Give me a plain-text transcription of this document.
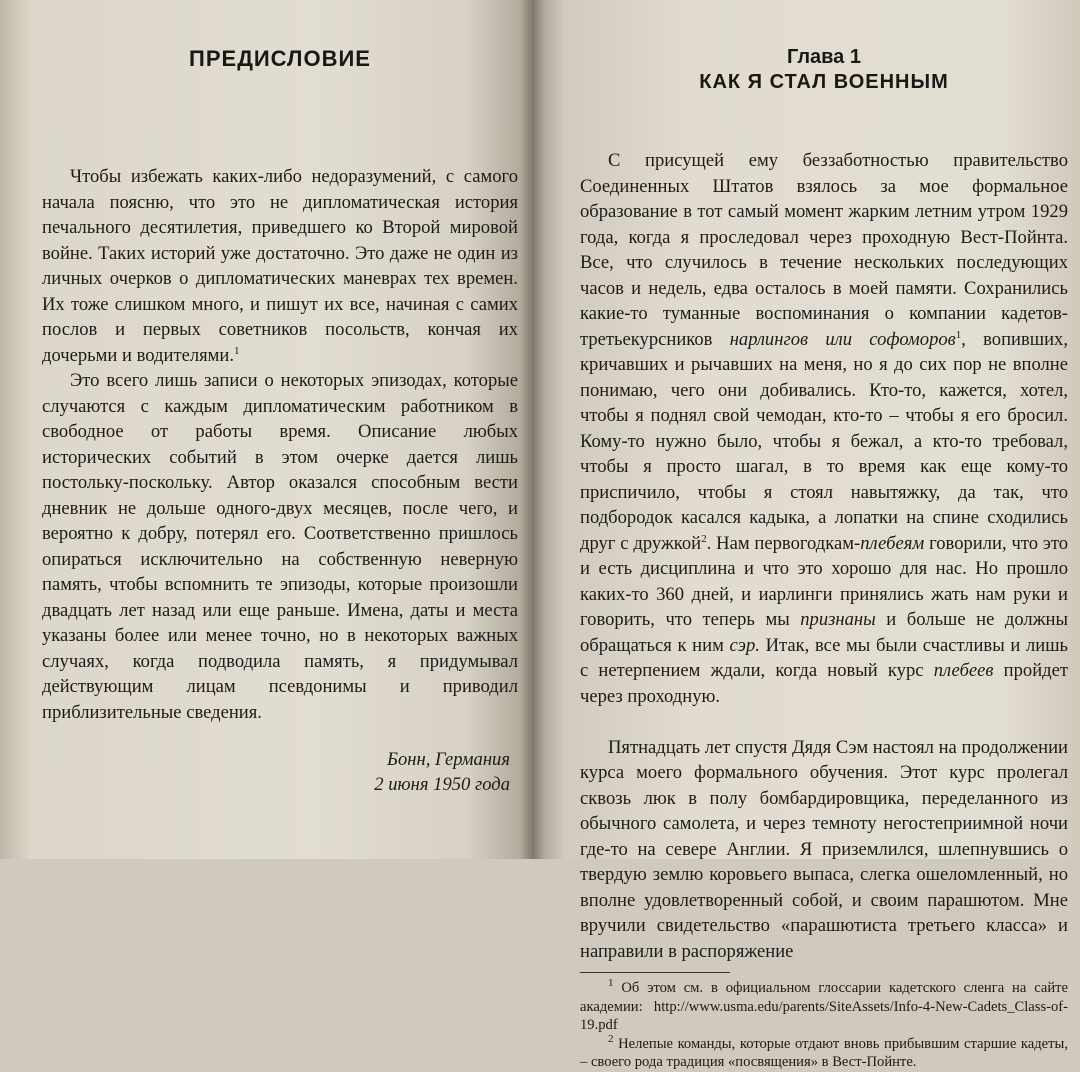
ПРЕДИСЛОВИЕ

Чтобы избежать каких-либо недоразумений, с самого начала поясню, что это не дипломатическая история печального десятилетия, приведшего ко Второй мировой войне. Таких историй уже достаточно. Это даже не один из личных очерков о дипломатических маневрах тех времен. Их тоже слишком много, и пишут их все, начиная с самих послов и первых советников посольств, кончая их дочерьми и водителями.$^1$

Это всего лишь записи о некоторых эпизодах, которые случаются с каждым дипломатическим работником в свободное от работы время. Описание любых исторических событий в этом очерке дается лишь постольку-поскольку. Автор оказался способным вести дневник не дольше одного-двух месяцев, после чего, и вероятно к добру, потерял его. Соответственно пришлось опираться исключительно на собственную неверную память, чтобы вспомнить те эпизоды, которые произошли двадцать лет назад или еще раньше. Имена, даты и места указаны более или менее точно, но в некоторых важных случаях, когда подводила память, я придумывал действующим лицам псевдонимы и приводил приблизительные сведения.

Бонн, Германия
2 июня 1950 года
Глава 1
КАК Я СТАЛ ВОЕННЫМ

С присущей ему беззаботностью правительство Соединенных Штатов взялось за мое формальное образование в тот самый момент жарким летним утром 1929 года, когда я проследовал через проходную Вест-Пойнта. Все, что случилось в течение нескольких последующих часов и недель, едва осталось в моей памяти. Сохранились какие-то туманные воспоминания о компании кадетов-третьекурсников нарлингов или софоморов$^1$, вопивших, кричавших и рычавших на меня, но я до сих пор не вполне понимаю, чего они добивались. Кто-то, кажется, хотел, чтобы я поднял свой чемодан, кто-то – чтобы я его бросил. Кому-то нужно было, чтобы я бежал, а кто-то требовал, чтобы я просто шагал, в то время как еще кому-то приспичило, чтобы я стоял навытяжку, да так, что подбородок касался кадыка, а лопатки на спине сходились друг с дружкой$^2$. Нам первогодкам-плебеям говорили, что это и есть дисциплина и что это хорошо для нас. Но прошло каких-то 360 дней, и иарлинги принялись жать нам руки и говорить, что теперь мы признаны и больше не должны обращаться к ним сэр. Итак, все мы были счастливы и лишь с нетерпением ждали, когда новый курс плебеев пройдет через проходную.

Пятнадцать лет спустя Дядя Сэм настоял на продолжении курса моего формального обучения. Этот курс пролегал сквозь люк в полу бомбардировщика, переделанного из обычного самолета, и через темноту негостеприимной ночи где-то на севере Англии. Я приземлился, шлепнувшись о твердую землю коровьего выпаса, слегка ошеломленный, но вполне удовлетворенный собой, и своим парашютом. Мне вручили свидетельство «парашютиста третьего класса» и направили в распоряжение

$^1$ Об этом см. в официальном глоссарии кадетского сленга на сайте академии: http://www.usma.edu/parents/SiteAssets/Info-4-New-Cadets_Class-of-19.pdf

$^2$ Нелепые команды, которые отдают вновь прибывшим старшие кадеты, – своего рода традиция «посвящения» в Вест-Пойнте.
